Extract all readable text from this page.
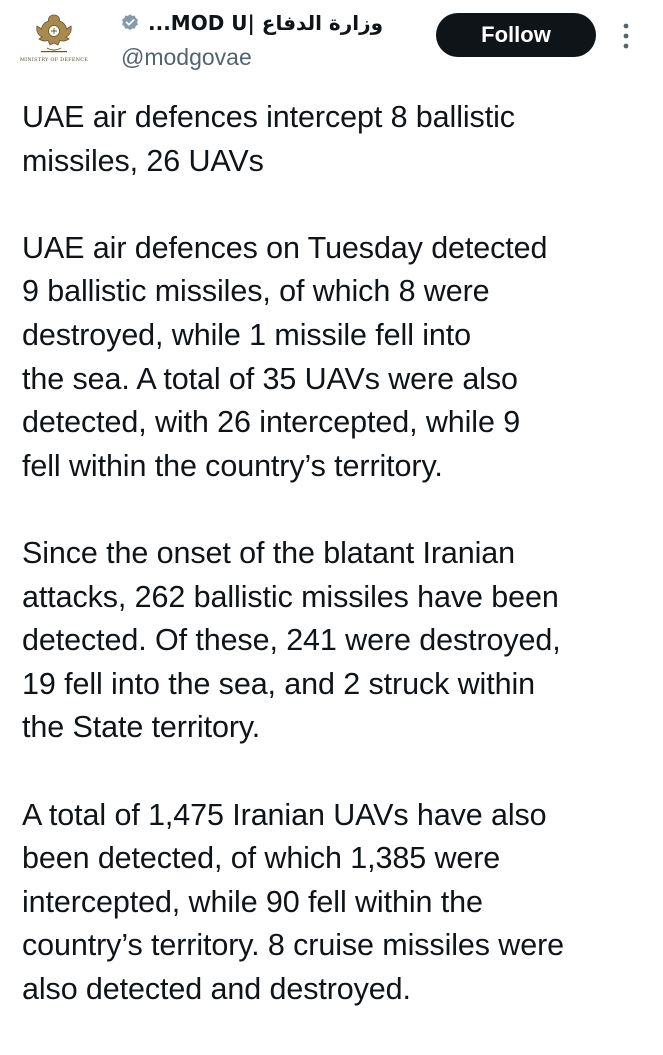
MINISTRY OF DEFENCE
وزارة الدفاع |MOD U...
@modgovae
Follow

UAE air defences intercept 8 ballistic
missiles, 26 UAVs

UAE air defences on Tuesday detected
9 ballistic missiles, of which 8 were
destroyed, while 1 missile fell into
the sea. A total of 35 UAVs were also
detected, with 26 intercepted, while 9
fell within the country’s territory.

Since the onset of the blatant Iranian
attacks, 262 ballistic missiles have been
detected. Of these, 241 were destroyed,
19 fell into the sea, and 2 struck within
the State territory.

A total of 1,475 Iranian UAVs have also
been detected, of which 1,385 were
intercepted, while 90 fell within the
country’s territory. 8 cruise missiles were
also detected and destroyed.
